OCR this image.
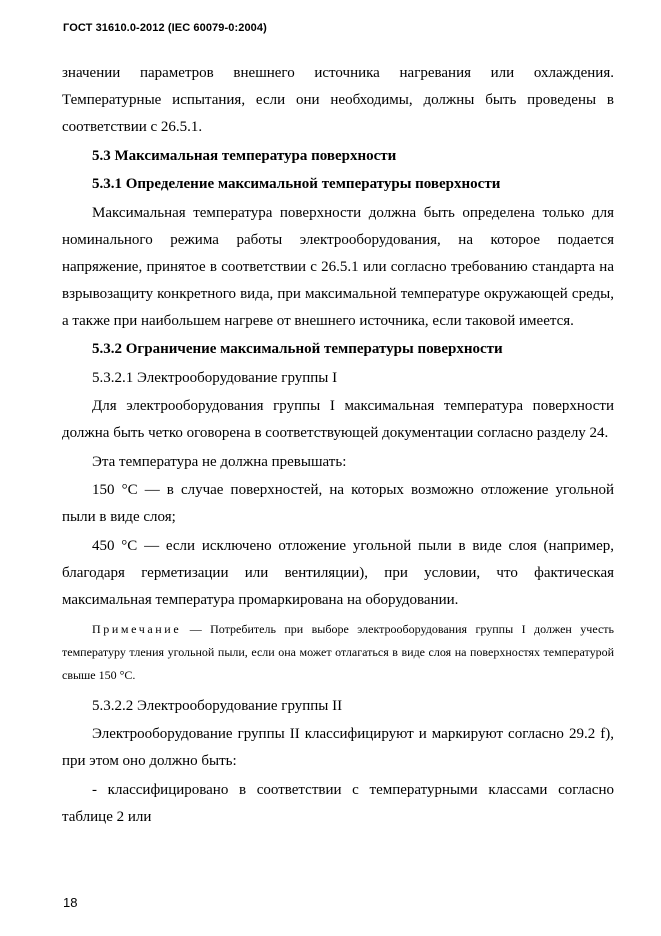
ГОСТ 31610.0-2012 (IEC 60079-0:2004)

значении параметров внешнего источника нагревания или охлаждения. Температурные испытания, если они необходимы, должны быть проведены в соответствии с 26.5.1.

5.3 Максимальная температура поверхности

5.3.1 Определение максимальной температуры поверхности

Максимальная температура поверхности должна быть определена только для номинального режима работы электрооборудования, на которое подается напряжение, принятое в соответствии с 26.5.1 или согласно требованию стандарта на взрывозащиту конкретного вида, при максимальной температуре окружающей среды, а также при наибольшем нагреве от внешнего источника, если таковой имеется.

5.3.2 Ограничение максимальной температуры поверхности

5.3.2.1 Электрооборудование группы I

Для электрооборудования группы I максимальная температура поверхности должна быть четко оговорена в соответствующей документации согласно разделу 24.

Эта температура не должна превышать:

150 °С — в случае поверхностей, на которых возможно отложение угольной пыли в виде слоя;

450 °С — если исключено отложение угольной пыли в виде слоя (например, благодаря герметизации или вентиляции), при условии, что фактическая максимальная температура промаркирована на оборудовании.

Примечание — Потребитель при выборе электрооборудования группы I должен учесть температуру тления угольной пыли, если она может отлагаться в виде слоя на поверхностях температурой свыше 150 °С.

5.3.2.2 Электрооборудование группы II

Электрооборудование группы II классифицируют и маркируют согласно 29.2 f), при этом оно должно быть:

- классифицировано в соответствии с температурными классами согласно таблице 2 или

18
